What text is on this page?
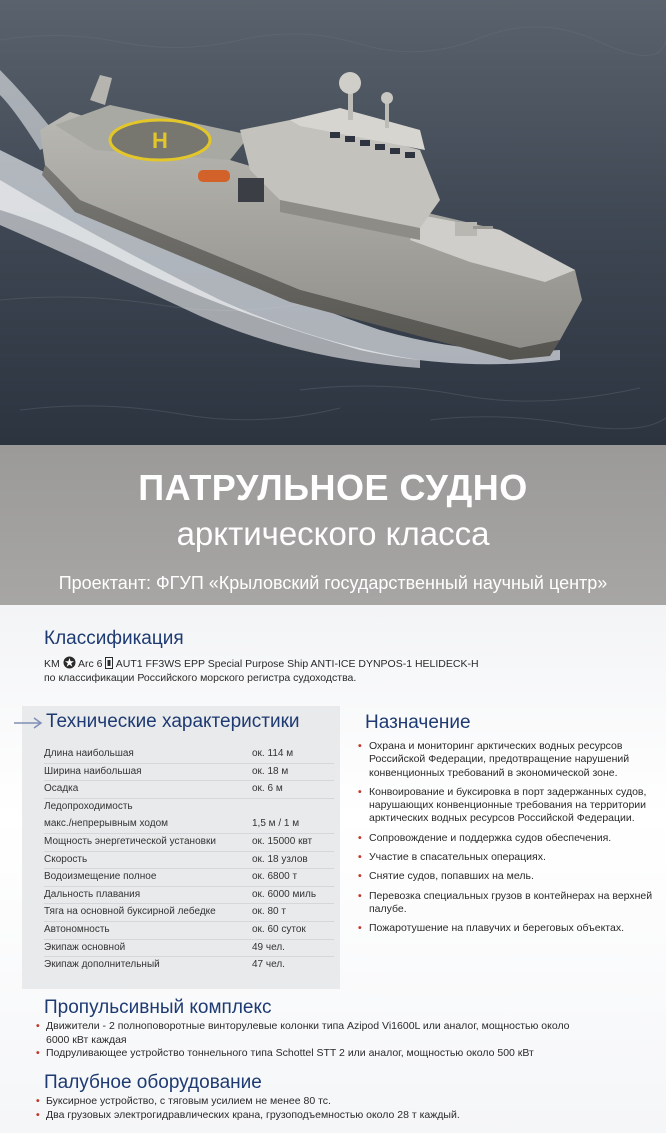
H
ПАТРУЛЬНОЕ СУДНО
арктического класса
Проектант: ФГУП «Крыловский государственный научный центр»
Классификация
KM Arc 6 AUT1 FF3WS EPP Special Purpose Ship ANTI-ICE DYNPOS-1 HELIDECK-H
по классификации Российского морского регистра судоходства.
Технические характеристики
Длина наибольшая	ок. 114 м
Ширина наибольшая	ок. 18 м
Осадка	ок. 6 м
Ледопроходимость
макс./непрерывным ходом	1,5 м / 1 м
Мощность энергетической установки	ок. 15000 квт
Скорость	ок. 18 узлов
Водоизмещение полное	ок. 6800 т
Дальность плавания	ок. 6000 миль
Тяга на основной буксирной лебедке	ок. 80 т
Автономность	ок. 60 суток
Экипаж основной	49 чел.
Экипаж дополнительный	47 чел.
Назначение
• Охрана и мониторинг арктических водных ресурсов Российской Федерации, предотвращение нарушений конвенционных требований в экономической зоне.
• Конвоирование и буксировка в порт задержанных судов, нарушающих конвенционные требования на территории арктических водных ресурсов Российской Федерации.
• Сопровождение и поддержка судов обеспечения.
• Участие в спасательных операциях.
• Снятие судов, попавших на мель.
• Перевозка специальных грузов в контейнерах на верхней палубе.
• Пожаротушение на плавучих и береговых объектах.
Пропульсивный комплекс
• Движители - 2 полноповоротные винторулевые колонки типа Azipod Vi1600L или аналог, мощностью около
6000 кВт каждая
• Подруливающее устройство тоннельного типа Schottel STT 2 или аналог, мощностью около 500 кВт
Палубное оборудование
• Буксирное устройство, с тяговым усилием не менее 80 тс.
• Два грузовых электрогидравлических крана, грузоподъемностью около 28 т каждый.
